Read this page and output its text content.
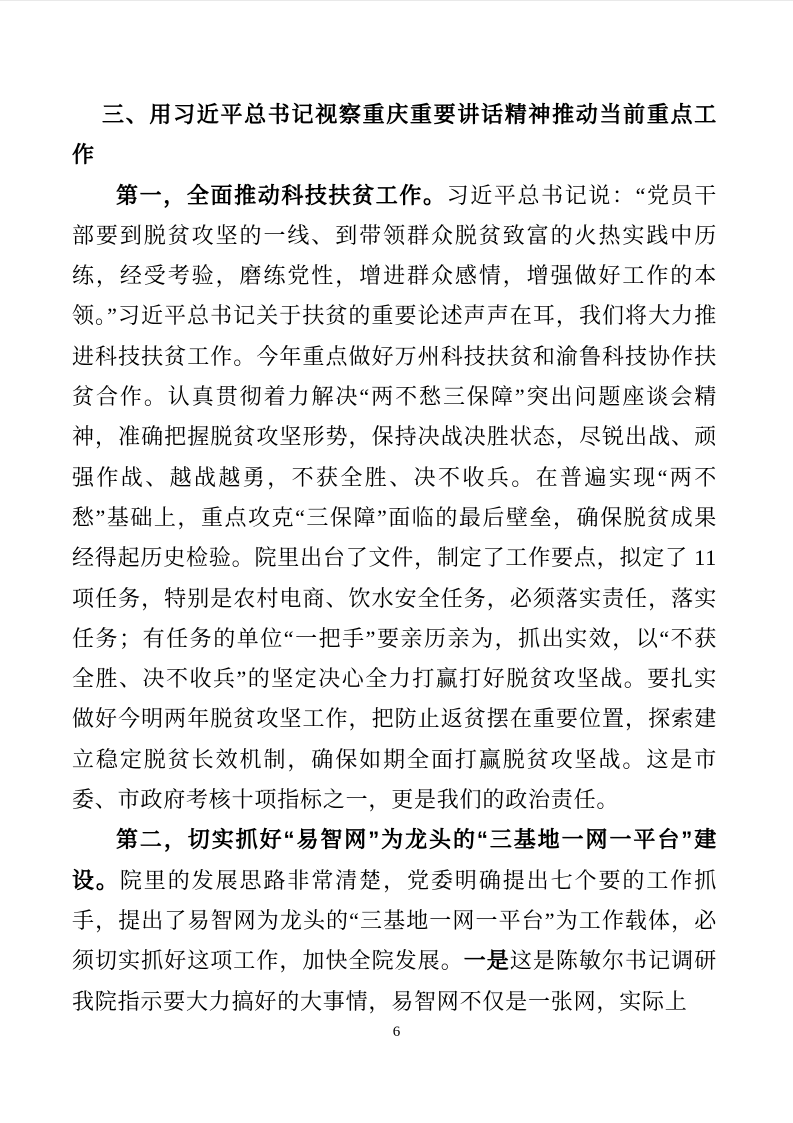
三、用习近平总书记视察重庆重要讲话精神推动当前重点工作

第一，全面推动科技扶贫工作。习近平总书记说：“党员干部要到脱贫攻坚的一线、到带领群众脱贫致富的火热实践中历练，经受考验，磨练党性，增进群众感情，增强做好工作的本领。”习近平总书记关于扶贫的重要论述声声在耳，我们将大力推进科技扶贫工作。今年重点做好万州科技扶贫和渝鲁科技协作扶贫合作。认真贯彻着力解决“两不愁三保障”突出问题座谈会精神，准确把握脱贫攻坚形势，保持决战决胜状态，尽锐出战、顽强作战、越战越勇，不获全胜、决不收兵。在普遍实现“两不愁”基础上，重点攻克“三保障”面临的最后壁垒，确保脱贫成果经得起历史检验。院里出台了文件，制定了工作要点，拟定了 11 项任务，特别是农村电商、饮水安全任务，必须落实责任，落实任务；有任务的单位“一把手”要亲历亲为，抓出实效，以“不获全胜、决不收兵”的坚定决心全力打赢打好脱贫攻坚战。要扎实做好今明两年脱贫攻坚工作，把防止返贫摆在重要位置，探索建立稳定脱贫长效机制，确保如期全面打赢脱贫攻坚战。这是市委、市政府考核十项指标之一，更是我们的政治责任。

第二，切实抓好“易智网”为龙头的“三基地一网一平台”建设。院里的发展思路非常清楚，党委明确提出七个要的工作抓手，提出了易智网为龙头的“三基地一网一平台”为工作载体，必须切实抓好这项工作，加快全院发展。一是这是陈敏尔书记调研我院指示要大力搞好的大事情，易智网不仅是一张网，实际上

6
